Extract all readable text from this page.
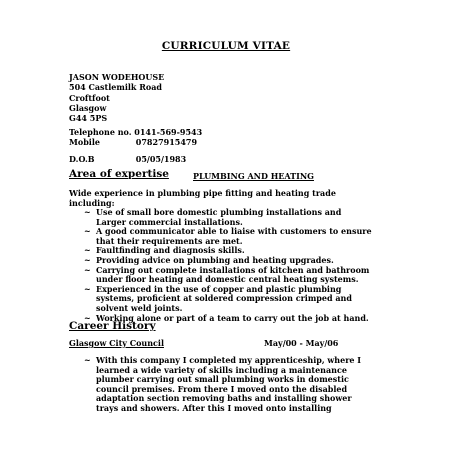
CURRICULUM VITAE
JASON WODEHOUSE
504 Castlemilk Road
Croftfoot
Glasgow
G44 5PS
Telephone no. 0141-569-9543
Mobile	07827915479
D.O.B	05/05/1983
Area of expertise	PLUMBING AND HEATING
Wide experience in plumbing pipe fitting and heating trade including:
~ Use of small bore domestic plumbing installations and Larger commercial installations.
~ A good communicator able to liaise with customers to ensure that their requirements are met.
~ Faultfinding and diagnosis skills.
~ Providing advice on plumbing and heating upgrades.
~ Carrying out complete installations of kitchen and bathroom under floor heating and domestic central heating systems.
~ Experienced in the use of copper and plastic plumbing systems, proficient at soldered compression crimped and solvent weld joints.
~ Working alone or part of a team to carry out the job at hand.
Career History
Glasgow City Council	May/00 - May/06
~ With this company I completed my apprenticeship, where I learned a wide variety of skills including a maintenance plumber carrying out small plumbing works in domestic council premises. From there I moved onto the disabled adaptation section removing baths and installing shower trays and showers. After this I moved onto installing
